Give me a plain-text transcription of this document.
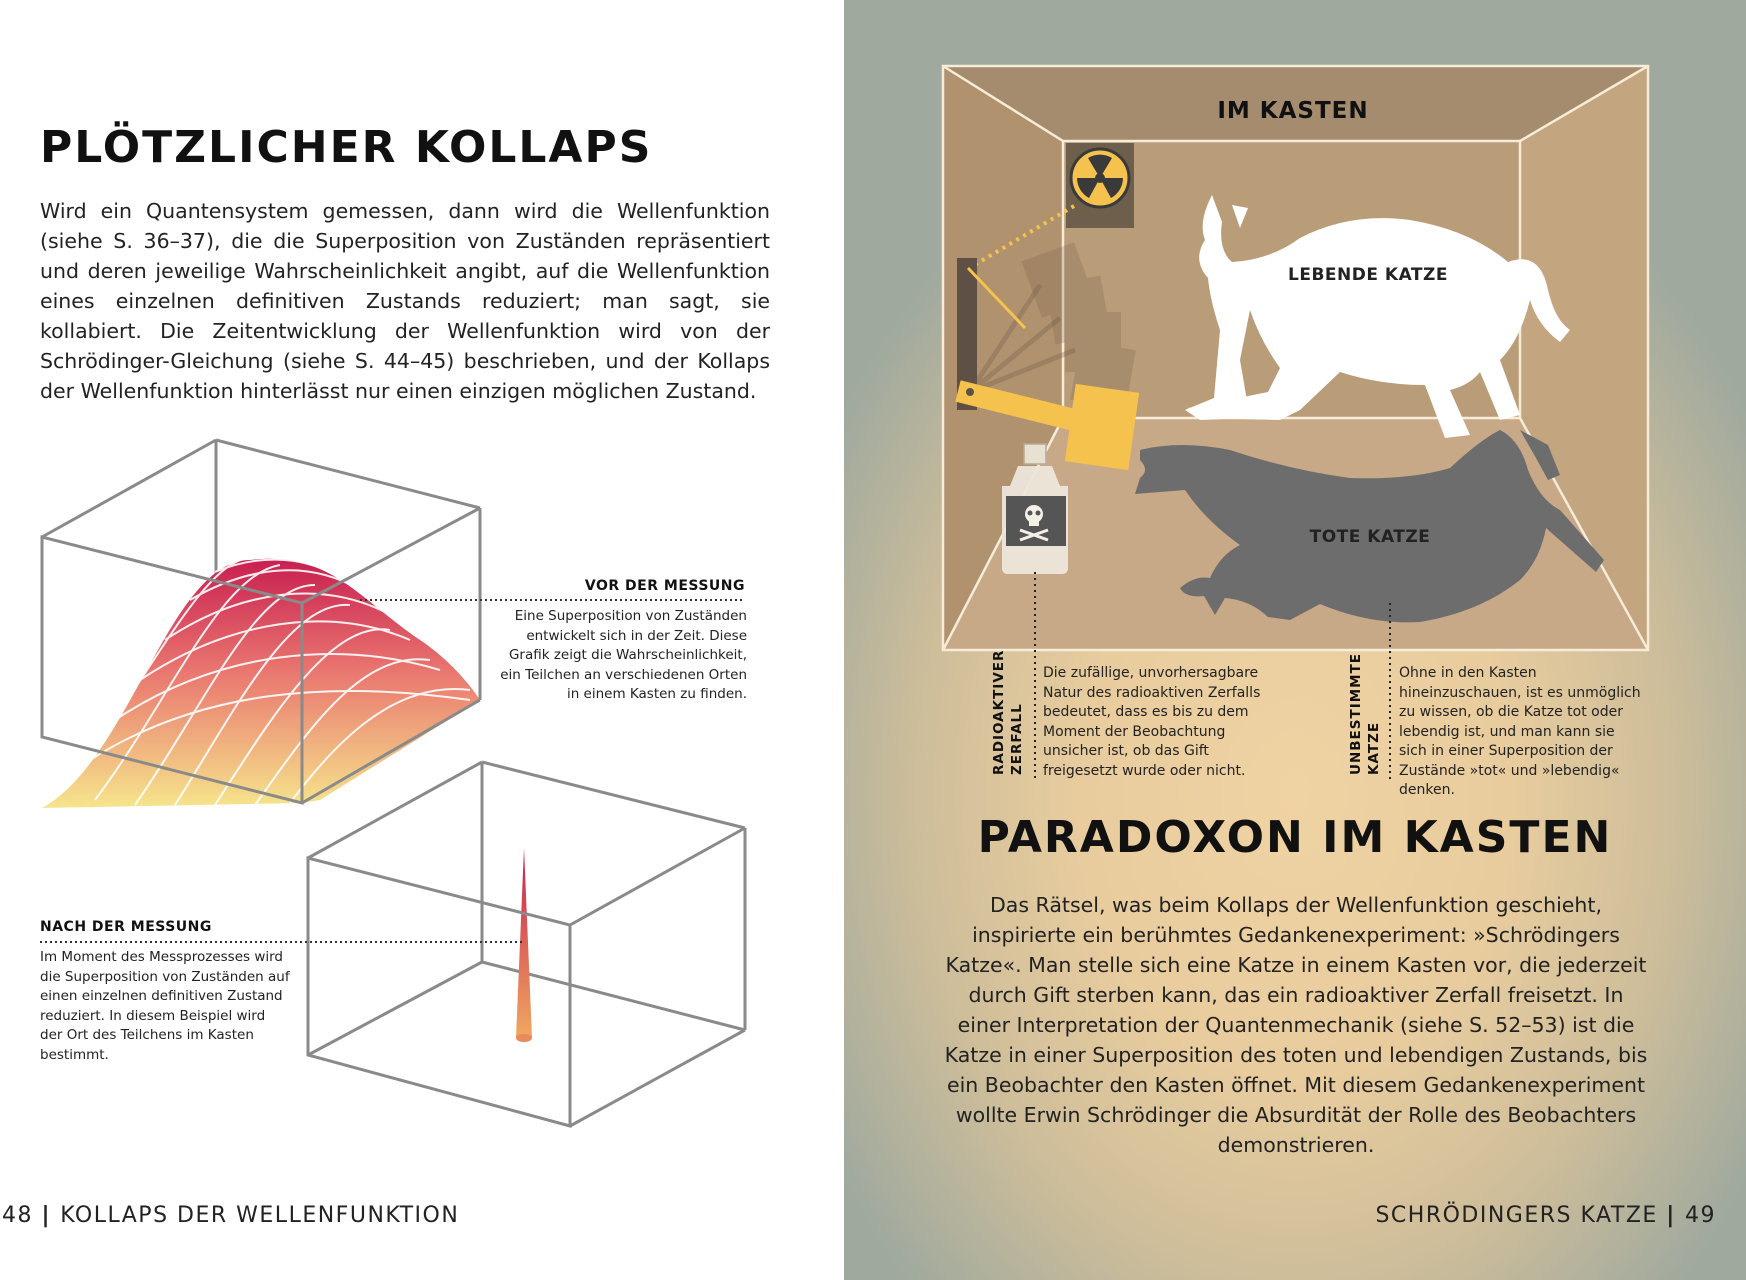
PLÖTZLICHER KOLLAPS

Wird ein Quantensystem gemessen, dann wird die Wellenfunktion (siehe S. 36–37), die die Superposition von Zuständen repräsentiert und deren jeweilige Wahrscheinlichkeit angibt, auf die Wellenfunktion eines einzelnen definitiven Zustands reduziert; man sagt, sie kollabiert. Die Zeitentwicklung der Wellenfunktion wird von der Schrödinger-Gleichung (siehe S. 44–45) beschrieben, und der Kollaps der Wellenfunktion hinterlässt nur einen einzigen möglichen Zustand.

VOR DER MESSUNG

Eine Superposition von Zuständen entwickelt sich in der Zeit. Diese Grafik zeigt die Wahrscheinlichkeit, ein Teilchen an verschiedenen Orten in einem Kasten zu finden.

NACH DER MESSUNG

Im Moment des Messprozesses wird die Superposition von Zuständen auf einen einzelnen definitiven Zustand reduziert. In diesem Beispiel wird der Ort des Teilchens im Kasten bestimmt.

48 | KOLLAPS DER WELLENFUNKTION

IM KASTEN

LEBENDE KATZE

TOTE KATZE

RADIOAKTIVER ZERFALL

Die zufällige, unvorhersagbare Natur des radioaktiven Zerfalls bedeutet, dass es bis zu dem Moment der Beobachtung unsicher ist, ob das Gift freigesetzt wurde oder nicht.	UNBESTIMMTE KATZE

Ohne in den Kasten hineinzuschauen, ist es unmöglich zu wissen, ob die Katze tot oder lebendig ist, und man kann sie sich in einer Superposition der Zustände »tot« und »lebendig« denken.

PARADOXON IM KASTEN

Das Rätsel, was beim Kollaps der Wellenfunktion geschieht, inspirierte ein berühmtes Gedankenexperiment: »Schrödingers Katze«. Man stelle sich eine Katze in einem Kasten vor, die jederzeit durch Gift sterben kann, das ein radioaktiver Zerfall freisetzt. In einer Interpretation der Quantenmechanik (siehe S. 52–53) ist die Katze in einer Superposition des toten und lebendigen Zustands, bis ein Beobachter den Kasten öffnet. Mit diesem Gedankenexperiment wollte Erwin Schrödinger die Absurdität der Rolle des Beobachters demonstrieren.

SCHRÖDINGERS KATZE | 49
